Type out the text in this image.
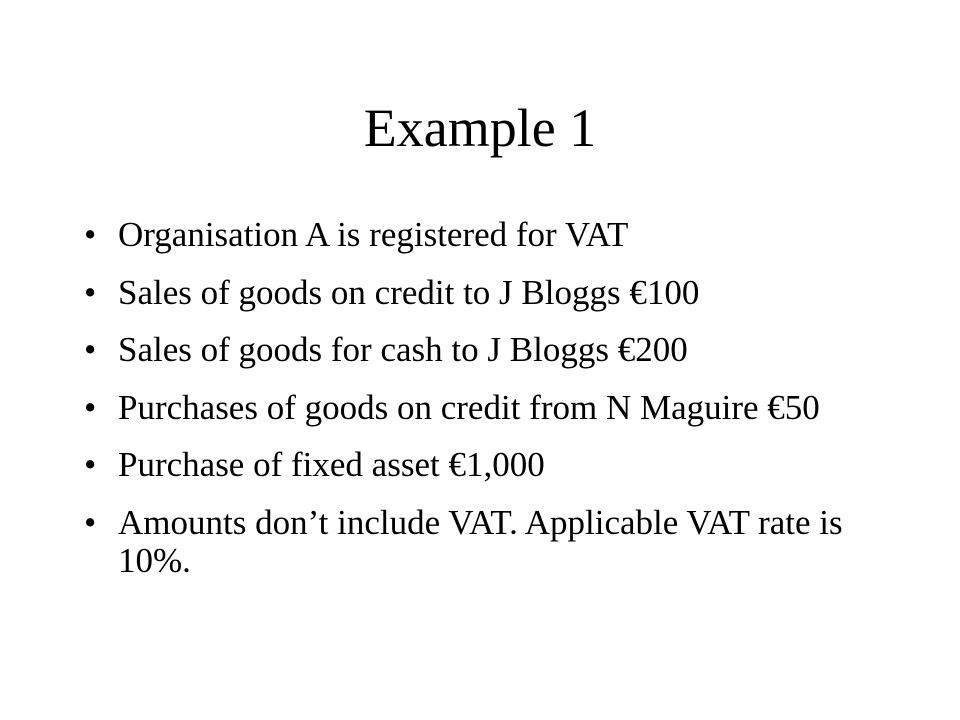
Example 1
• Organisation A is registered for VAT
• Sales of goods on credit to J Bloggs €100
• Sales of goods for cash to J Bloggs €200
• Purchases of goods on credit from N Maguire €50
• Purchase of fixed asset €1,000
• Amounts don’t include VAT. Applicable VAT rate is 10%.
